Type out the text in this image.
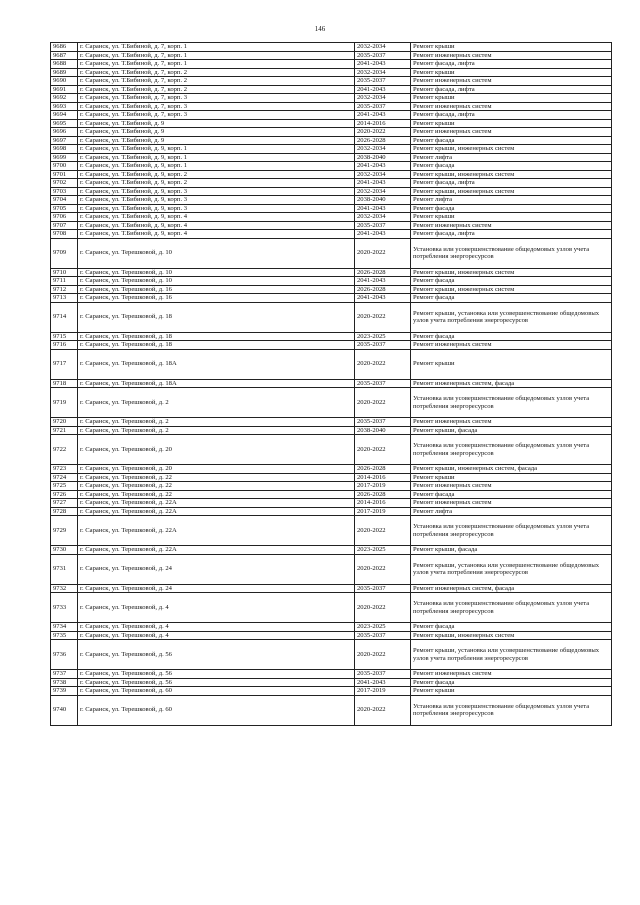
146
9686	г. Саранск, ул. Т.Бибиной, д. 7, корп. 1	2032-2034	Ремонт крыши
9687	г. Саранск, ул. Т.Бибиной, д. 7, корп. 1	2035-2037	Ремонт инженерных систем
9688	г. Саранск, ул. Т.Бибиной, д. 7, корп. 1	2041-2043	Ремонт фасада, лифта
9689	г. Саранск, ул. Т.Бибиной, д. 7, корп. 2	2032-2034	Ремонт крыши
9690	г. Саранск, ул. Т.Бибиной, д. 7, корп. 2	2035-2037	Ремонт инженерных систем
9691	г. Саранск, ул. Т.Бибиной, д. 7, корп. 2	2041-2043	Ремонт фасада, лифта
9692	г. Саранск, ул. Т.Бибиной, д. 7, корп. 3	2032-2034	Ремонт крыши
9693	г. Саранск, ул. Т.Бибиной, д. 7, корп. 3	2035-2037	Ремонт инженерных систем
9694	г. Саранск, ул. Т.Бибиной, д. 7, корп. 3	2041-2043	Ремонт фасада, лифта
9695	г. Саранск, ул. Т.Бибиной, д. 9	2014-2016	Ремонт крыши
9696	г. Саранск, ул. Т.Бибиной, д. 9	2020-2022	Ремонт инженерных систем
9697	г. Саранск, ул. Т.Бибиной, д. 9	2026-2028	Ремонт фасада
9698	г. Саранск, ул. Т.Бибиной, д. 9, корп. 1	2032-2034	Ремонт крыши, инженерных систем
9699	г. Саранск, ул. Т.Бибиной, д. 9, корп. 1	2038-2040	Ремонт лифта
9700	г. Саранск, ул. Т.Бибиной, д. 9, корп. 1	2041-2043	Ремонт фасада
9701	г. Саранск, ул. Т.Бибиной, д. 9, корп. 2	2032-2034	Ремонт крыши, инженерных систем
9702	г. Саранск, ул. Т.Бибиной, д. 9, корп. 2	2041-2043	Ремонт фасада, лифта
9703	г. Саранск, ул. Т.Бибиной, д. 9, корп. 3	2032-2034	Ремонт крыши, инженерных систем
9704	г. Саранск, ул. Т.Бибиной, д. 9, корп. 3	2038-2040	Ремонт лифта
9705	г. Саранск, ул. Т.Бибиной, д. 9, корп. 3	2041-2043	Ремонт фасада
9706	г. Саранск, ул. Т.Бибиной, д. 9, корп. 4	2032-2034	Ремонт крыши
9707	г. Саранск, ул. Т.Бибиной, д. 9, корп. 4	2035-2037	Ремонт инженерных систем
9708	г. Саранск, ул. Т.Бибиной, д. 9, корп. 4	2041-2043	Ремонт фасада, лифта
9709	г. Саранск, ул. Терешковой, д. 10	2020-2022	Установка или усовершенствование общедомовых узлов учета потребления энергоресурсов
9710	г. Саранск, ул. Терешковой, д. 10	2026-2028	Ремонт крыши, инженерных систем
9711	г. Саранск, ул. Терешковой, д. 10	2041-2043	Ремонт фасада
9712	г. Саранск, ул. Терешковой, д. 16	2026-2028	Ремонт крыши, инженерных систем
9713	г. Саранск, ул. Терешковой, д. 16	2041-2043	Ремонт фасада
9714	г. Саранск, ул. Терешковой, д. 18	2020-2022	Ремонт крыши, установка или усовершенствование общедомовых узлов учета потребления энергоресурсов
9715	г. Саранск, ул. Терешковой, д. 18	2023-2025	Ремонт фасада
9716	г. Саранск, ул. Терешковой, д. 18	2035-2037	Ремонт инженерных систем
9717	г. Саранск, ул. Терешковой, д. 18А	2020-2022	Ремонт крыши
9718	г. Саранск, ул. Терешковой, д. 18А	2035-2037	Ремонт инженерных систем, фасада
9719	г. Саранск, ул. Терешковой, д. 2	2020-2022	Установка или усовершенствование общедомовых узлов учета потребления энергоресурсов
9720	г. Саранск, ул. Терешковой, д. 2	2035-2037	Ремонт инженерных систем
9721	г. Саранск, ул. Терешковой, д. 2	2038-2040	Ремонт крыши, фасада
9722	г. Саранск, ул. Терешковой, д. 20	2020-2022	Установка или усовершенствование общедомовых узлов учета потребления энергоресурсов
9723	г. Саранск, ул. Терешковой, д. 20	2026-2028	Ремонт крыши, инженерных систем, фасада
9724	г. Саранск, ул. Терешковой, д. 22	2014-2016	Ремонт крыши
9725	г. Саранск, ул. Терешковой, д. 22	2017-2019	Ремонт инженерных систем
9726	г. Саранск, ул. Терешковой, д. 22	2026-2028	Ремонт фасада
9727	г. Саранск, ул. Терешковой, д. 22А	2014-2016	Ремонт инженерных систем
9728	г. Саранск, ул. Терешковой, д. 22А	2017-2019	Ремонт лифта
9729	г. Саранск, ул. Терешковой, д. 22А	2020-2022	Установка или усовершенствование общедомовых узлов учета потребления энергоресурсов
9730	г. Саранск, ул. Терешковой, д. 22А	2023-2025	Ремонт крыши, фасада
9731	г. Саранск, ул. Терешковой, д. 24	2020-2022	Ремонт крыши, установка или усовершенствование общедомовых узлов учета потребления энергоресурсов
9732	г. Саранск, ул. Терешковой, д. 24	2035-2037	Ремонт инженерных систем, фасада
9733	г. Саранск, ул. Терешковой, д. 4	2020-2022	Установка или усовершенствование общедомовых узлов учета потребления энергоресурсов
9734	г. Саранск, ул. Терешковой, д. 4	2023-2025	Ремонт фасада
9735	г. Саранск, ул. Терешковой, д. 4	2035-2037	Ремонт крыши, инженерных систем
9736	г. Саранск, ул. Терешковой, д. 56	2020-2022	Ремонт крыши, установка или усовершенствование общедомовых узлов учета потребления энергоресурсов
9737	г. Саранск, ул. Терешковой, д. 56	2035-2037	Ремонт инженерных систем
9738	г. Саранск, ул. Терешковой, д. 56	2041-2043	Ремонт фасада
9739	г. Саранск, ул. Терешковой, д. 60	2017-2019	Ремонт крыши
9740	г. Саранск, ул. Терешковой, д. 60	2020-2022	Установка или усовершенствование общедомовых узлов учета потребления энергоресурсов
